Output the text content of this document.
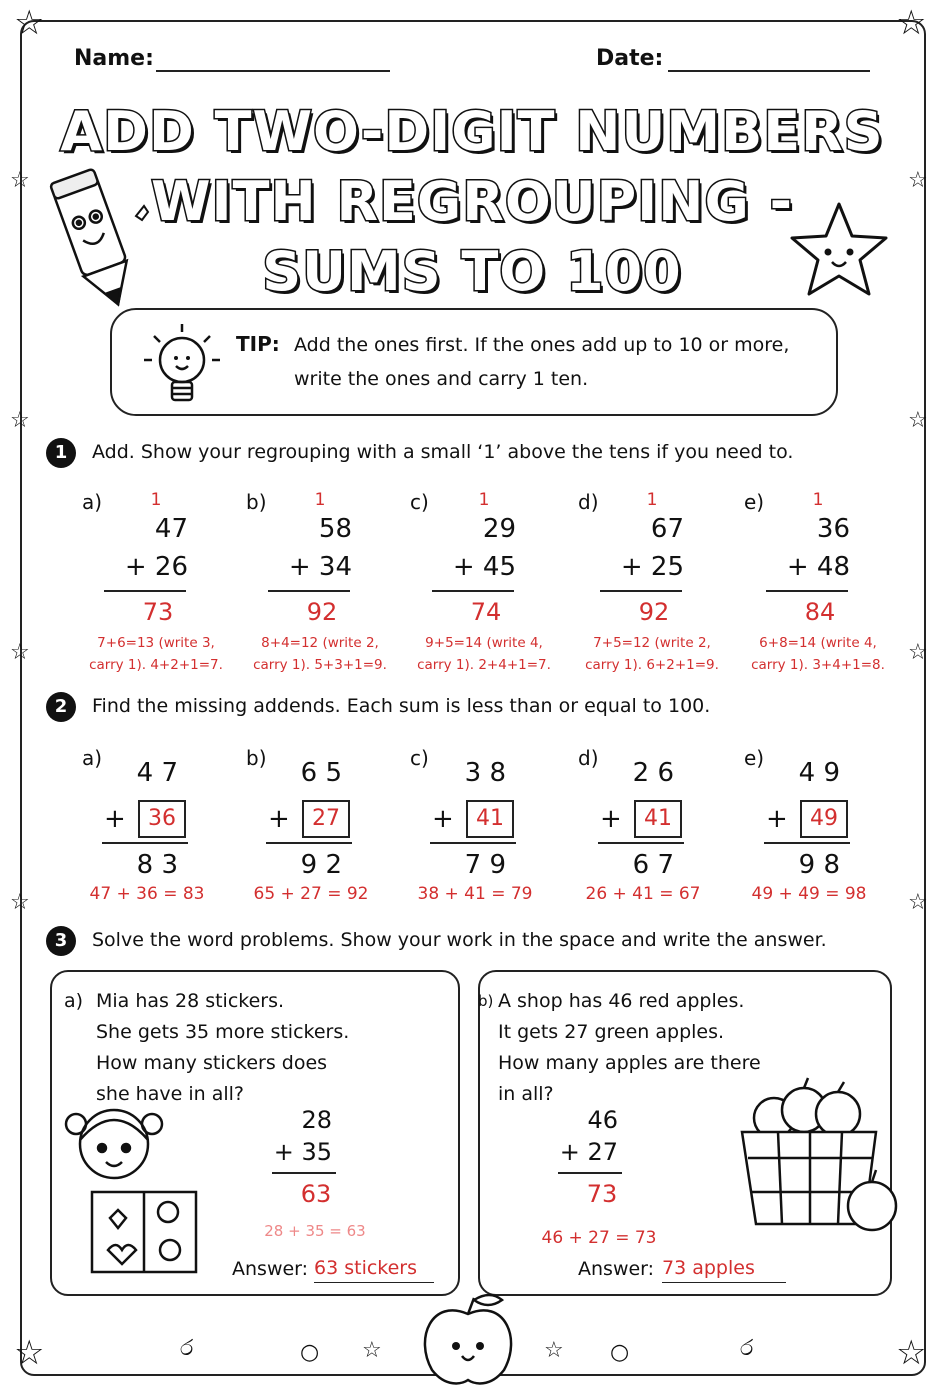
☆	☆
☆	☆
☆	☆
☆	☆
☆	☆
☆	☆
Name:	Date:
ADD TWO-DIGIT NUMBERS
WITH REGROUPING -
SUMS TO 100
TIP: Add the ones first. If the ones add up to 10 or more,
write the ones and carry 1 ten.
1	Add. Show your regrouping with a small ‘1’ above the tens if you need to.
a)	1
47
+ 26
73
7+6=13 (write 3,
carry 1). 4+2+1=7.
b)	1
58
+ 34
92
8+4=12 (write 2,
carry 1). 5+3+1=9.
c)	1
29
+ 45
74
9+5=14 (write 4,
carry 1). 2+4+1=7.
d)	1
67
+ 25
92
7+5=12 (write 2,
carry 1). 6+2+1=9.
e)	1
36
+ 48
84
6+8=14 (write 4,
carry 1). 3+4+1=8.
2	Find the missing addends. Each sum is less than or equal to 100.
a)	4 7
+	36
8 3
47 + 36 = 83
b)	6 5
+	27
9 2
65 + 27 = 92
c)	3 8
+	41
7 9
38 + 41 = 79
d)	2 6
+	41
6 7
26 + 41 = 67
e)	4 9
+	49
9 8
49 + 49 = 98
3	Solve the word problems. Show your work in the space and write the answer.
a) Mia has 28 stickers.
She gets 35 more stickers.
How many stickers does
she have in all?
28
+ 35
63
28 + 35 = 63
Answer: 63 stickers
b) A shop has 46 red apples.
It gets 27 green apples.
How many apples are there
in all?
46
+ 27
73
46 + 27 = 73
Answer: 73 apples
☆	☆
○	○
ර	ර
